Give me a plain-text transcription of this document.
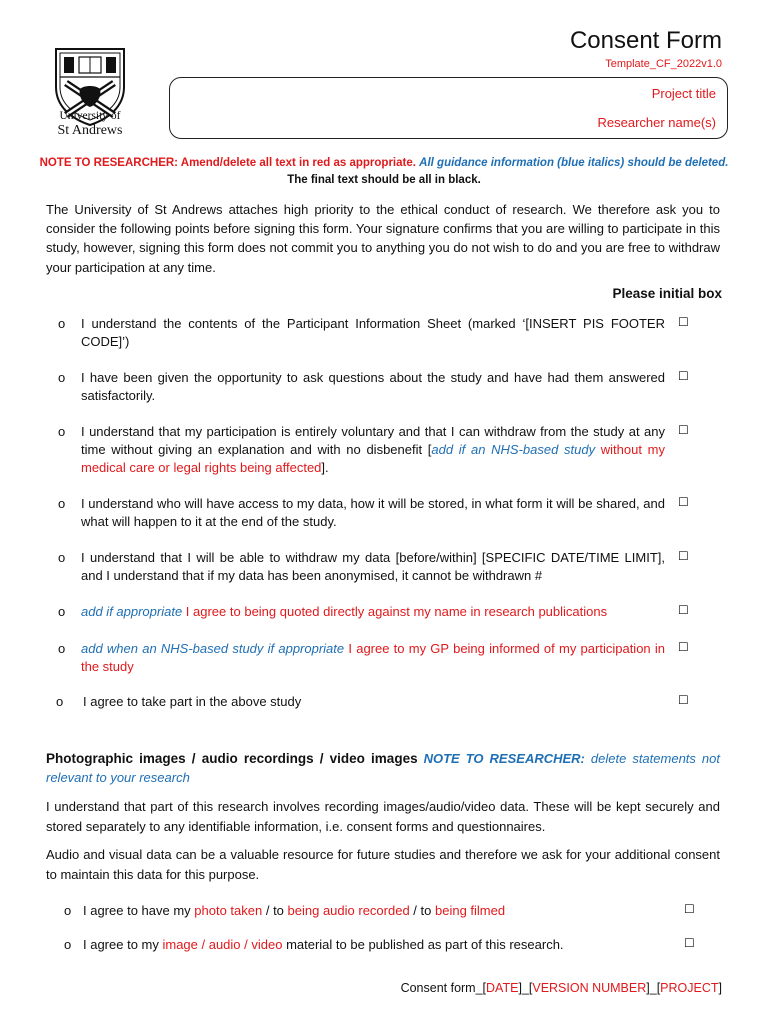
University of
St Andrews
Consent Form
Template_CF_2022v1.0
Project title
Researcher name(s)
NOTE TO RESEARCHER: Amend/delete all text in red as appropriate. All guidance information (blue italics) should be deleted.
The final text should be all in black.
The University of St Andrews attaches high priority to the ethical conduct of research. We therefore ask you to consider the following points before signing this form. Your signature confirms that you are willing to participate in this study, however, signing this form does not commit you to anything you do not wish to do and you are free to withdraw your participation at any time.
Please initial box
o I understand the contents of the Participant Information Sheet (marked ‘[INSERT PIS FOOTER CODE]’)
☐
o I have been given the opportunity to ask questions about the study and have had them answered satisfactorily.
☐
o I understand that my participation is entirely voluntary and that I can withdraw from the study at any time without giving an explanation and with no disbenefit [add if an NHS-based study without my medical care or legal rights being affected].
☐
o I understand who will have access to my data, how it will be stored, in what form it will be shared, and what will happen to it at the end of the study.
☐
o I understand that I will be able to withdraw my data [before/within] [SPECIFIC DATE/TIME LIMIT], and I understand that if my data has been anonymised, it cannot be withdrawn #
☐
o add if appropriate I agree to being quoted directly against my name in research publications	☐
o add when an NHS-based study if appropriate I agree to my GP being informed of my participation in the study
☐
o I agree to take part in the above study	☐
Photographic images / audio recordings / video images NOTE TO RESEARCHER: delete statements not relevant to your research
I understand that part of this research involves recording images/audio/video data. These will be kept securely and stored separately to any identifiable information, i.e. consent forms and questionnaires.
Audio and visual data can be a valuable resource for future studies and therefore we ask for your additional consent to maintain this data for this purpose.
o I agree to have my photo taken / to being audio recorded / to being filmed	☐
o I agree to my image / audio / video material to be published as part of this research.	☐
Consent form_[DATE]_[VERSION NUMBER]_[PROJECT]
